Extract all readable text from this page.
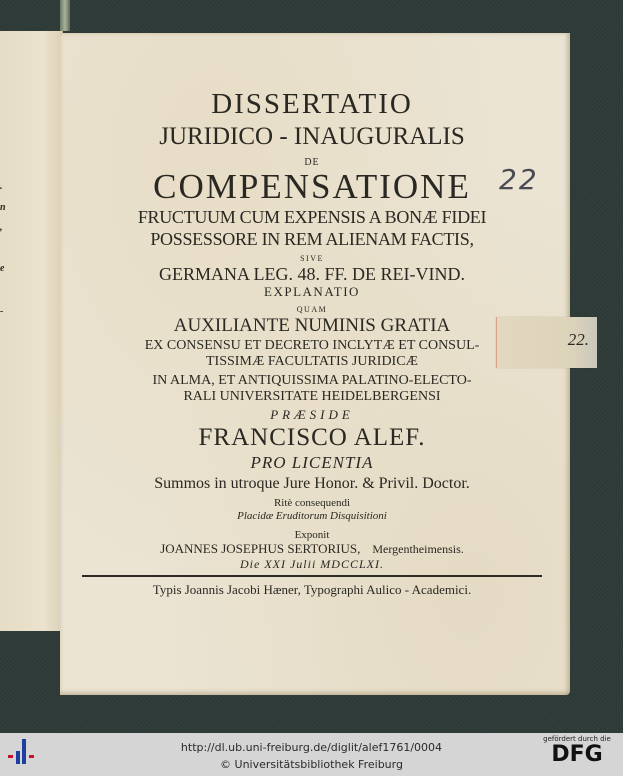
.
n
,
e
-
DISSERTATIO
JURIDICO - INAUGURALIS
DE
COMPENSATIONE
FRUCTUUM CUM EXPENSIS A BONÆ FIDEI
POSSESSORE IN REM ALIENAM FACTIS,
SIVE
GERMANA LEG. 48. FF. DE REI-VIND.
EXPLANATIO
QUAM
AUXILIANTE NUMINIS GRATIA
EX CONSENSU ET DECRETO INCLYTÆ ET CONSUL-
TISSIMÆ FACULTATIS JURIDICÆ
IN ALMA, ET ANTIQUISSIMA PALATINO-ELECTO-
RALI UNIVERSITATE HEIDELBERGENSI
PRÆSIDE
FRANCISCO ALEF.
PRO LICENTIA
Summos in utroque Jure Honor. & Privil. Doctor.
Ritè consequendi
Placidæ Eruditorum Disquisitioni
Exponit
JOANNES JOSEPHUS SERTORIUS, Mergentheimensis.
Die XXI Julii MDCCLXI.
Typis Joannis Jacobi Hæner, Typographi Aulico - Academici.
22
22.
http://dl.ub.uni-freiburg.de/diglit/alef1761/0004
© Universitätsbibliothek Freiburg
gefördert durch die
DFG
